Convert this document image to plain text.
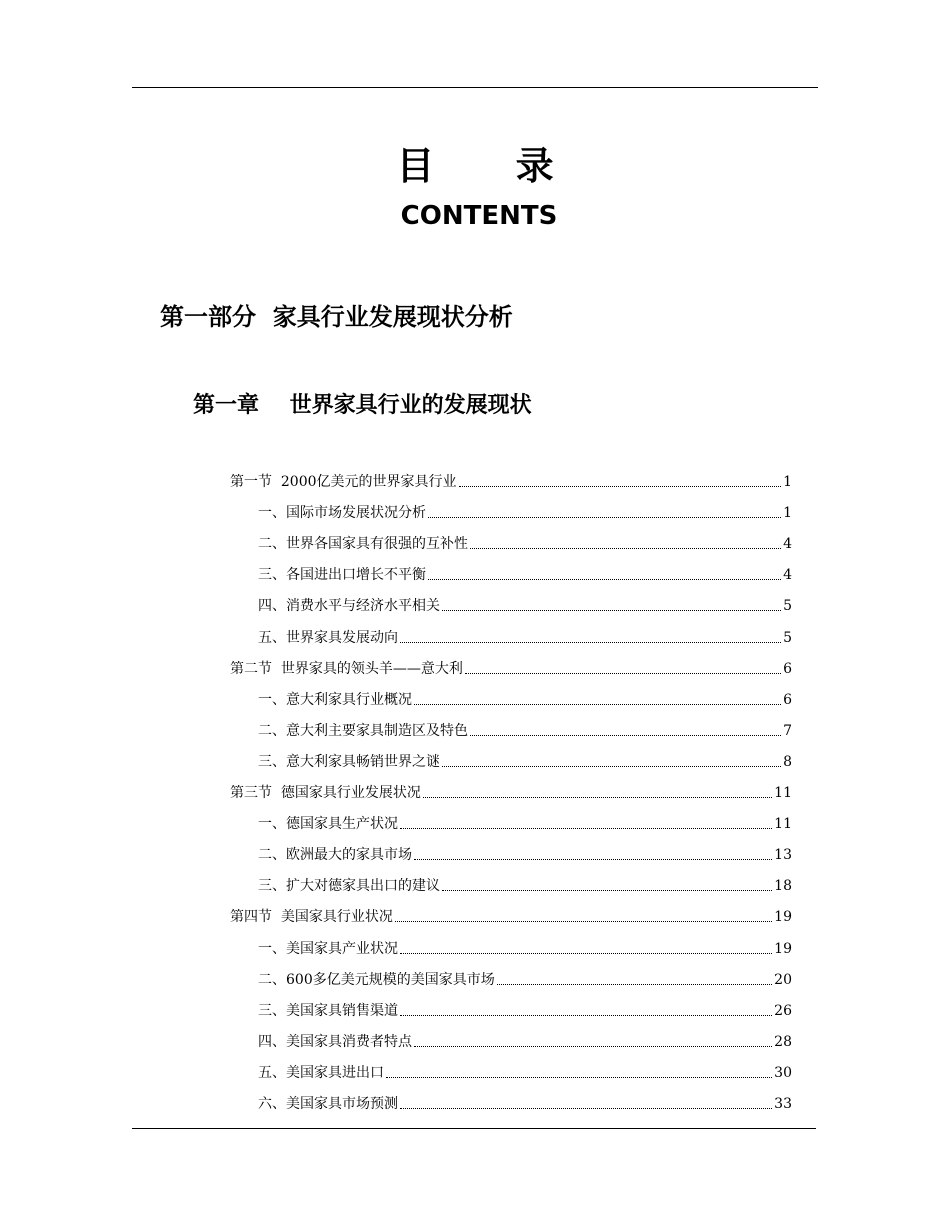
目 录
CONTENTS
第一部分  家具行业发展现状分析
第一章    世界家具行业的发展现状
第一节  2000亿美元的世界家具行业	1
一、国际市场发展状况分析	1
二、世界各国家具有很强的互补性	4
三、各国进出口增长不平衡	4
四、消费水平与经济水平相关	5
五、世界家具发展动向	5
第二节  世界家具的领头羊——意大利	6
一、意大利家具行业概况	6
二、意大利主要家具制造区及特色	7
三、意大利家具畅销世界之谜	8
第三节  德国家具行业发展状况	11
一、德国家具生产状况	11
二、欧洲最大的家具市场	13
三、扩大对德家具出口的建议	18
第四节  美国家具行业状况	19
一、美国家具产业状况	19
二、600多亿美元规模的美国家具市场	20
三、美国家具销售渠道	26
四、美国家具消费者特点	28
五、美国家具进出口	30
六、美国家具市场预测	33
